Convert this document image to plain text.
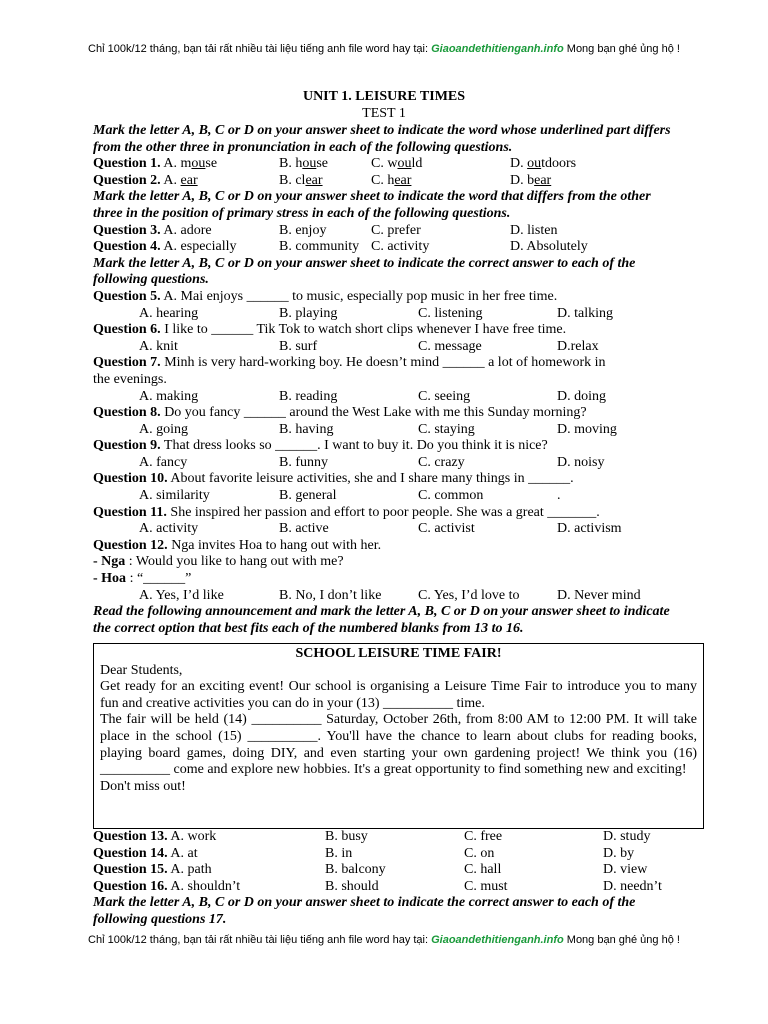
Chỉ 100k/12 tháng, bạn tải rất nhiều tài liệu tiếng anh file word hay tại: Giaoandethitienganh.info Mong bạn ghé ủng hộ !
UNIT 1. LEISURE TIMES
TEST 1
Mark the letter A, B, C or D on your answer sheet to indicate the word whose underlined part differs from the other three in pronunciation in each of the following questions.
Question 1. A. mouse	B. house	C. would	D. outdoors
Question 2. A. ear	B. clear	C. hear	D. bear
Mark the letter A, B, C or D on your answer sheet to indicate the word that differs from the other three in the position of primary stress in each of the following questions.
Question 3. A. adore	B. enjoy	C. prefer	D. listen
Question 4. A. especially	B. community C. activity	D. Absolutely
Mark the letter A, B, C or D on your answer sheet to indicate the correct answer to each of the following questions.
Question 5. A. Mai enjoys ______ to music, especially pop music in her free time.
A. hearing	B. playing	C. listening	D. talking
Question 6. I like to ______ Tik Tok to watch short clips whenever I have free time.
A. knit	B. surf	C. message	D.relax
Question 7. Minh is very hard-working boy. He doesn’t mind ______ a lot of homework in
the evenings.
A. making	B. reading	C. seeing	D. doing
Question 8. Do you fancy ______ around the West Lake with me this Sunday morning?
A. going	B. having	C. staying	D. moving
Question 9. That dress looks so ______. I want to buy it. Do you think it is nice?
A. fancy	B. funny	C. crazy	D. noisy
Question 10. About favorite leisure activities, she and I share many things in ______.
A. similarity	B. general	C. common	.
Question 11. She inspired her passion and effort to poor people. She was a great _______.
A. activity	B. active	C. activist	D. activism
Question 12. Nga invites Hoa to hang out with her.
- Nga : Would you like to hang out with me?
- Hoa : “______”
A. Yes, I’d like	B. No, I don’t like	C. Yes, I’d love to	D. Never mind
Read the following announcement and mark the letter A, B, C or D on your answer sheet to indicate the correct option that best fits each of the numbered blanks from 13 to 16.
SCHOOL LEISURE TIME FAIR!
Dear Students,
Get ready for an exciting event! Our school is organising a Leisure Time Fair to introduce you to many fun and creative activities you can do in your (13) __________ time.
The fair will be held (14) __________ Saturday, October 26th, from 8:00 AM to 12:00 PM. It will take place in the school (15) __________. You'll have the chance to learn about clubs for reading books, playing board games, doing DIY, and even starting your own gardening project! We think you (16) __________ come and explore new hobbies. It's a great opportunity to find something new and exciting!
Don't miss out!
Question 13. A. work	B. busy	C. free	D. study
Question 14. A. at	B. in	C. on	D. by
Question 15. A. path	B. balcony	C. hall	D. view
Question 16. A. shouldn’t	B. should	C. must	D. needn’t
Mark the letter A, B, C or D on your answer sheet to indicate the correct answer to each of the following questions 17.
Chỉ 100k/12 tháng, bạn tải rất nhiều tài liệu tiếng anh file word hay tại: Giaoandethitienganh.info Mong bạn ghé ủng hộ !
